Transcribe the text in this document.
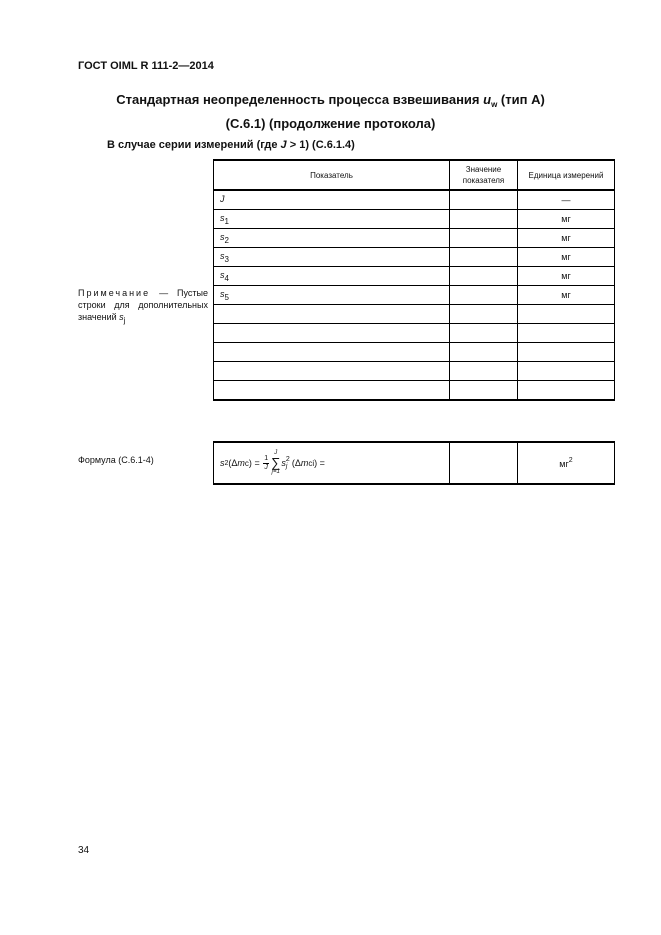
ГОСТ OIML R 111-2—2014
Стандартная неопределенность процесса взвешивания $u_w$ (тип А)
(C.6.1) (продолжение протокола)
В случае серии измерений (где J > 1) (C.6.1.4)
Показатель	Значение показателя	Единица измерений
J		—
s1		мг
s2		мг
s3		мг
s4		мг
s5		мг

Примечание — Пустые строки для дополнительных значений sj
Формула (C.6.1-4)	s 2 ( Δ m c )
=
$\frac{1}{J}$
J
∑
j=1
s 2
j ( Δ m ci )
=		$мг^2$
34
